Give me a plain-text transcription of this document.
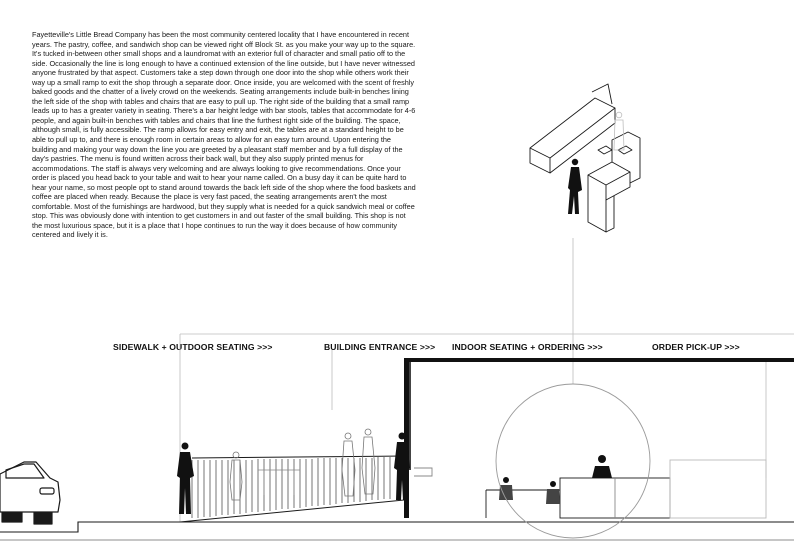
Fayetteville's Little Bread Company has been the most community centered locality that I have encountered in recent years. The pastry, coffee, and sandwich shop can be viewed right off Block St. as you make your way up to the square. It's tucked in-between other small shops and a laundromat with an exterior full of character and small patio off to the side. Occasionally the line is long enough to have a continued extension of the line outside, but I have never witnessed anyone frustrated by that aspect. Customers take a step down through one door into the shop while others work their way up a small ramp to exit the shop through a separate door. Once inside, you are welcomed with the scent of freshly baked goods and the chatter of a lively crowd on the weekends. Seating arrangements include built-in benches lining the left side of the shop with tables and chairs that are easy to pull up. The right side of the building that a small ramp leads up to has a greater variety in seating. There's a bar height ledge with bar stools, tables that accommodate for 4-6 people, and again built-in benches with tables and chairs that line the furthest right side of the building. The space, although small, is fully accessible. The ramp allows for easy entry and exit, the tables are at a standard height to be able to pull up to, and there is enough room in certain areas to allow for an easy turn around. Upon entering the building and making your way down the line you are greeted by a pleasant staff member and by a full display of the day's pastries. The menu is found written across their back wall, but they also supply printed menus for accommodations. The staff is always very welcoming and are always looking to give recommendations. Once your order is placed you head back to your table and wait to hear your name called. On a busy day it can be quite hard to hear your name, so most people opt to stand around towards the back left side of the shop where the food baskets and coffee are placed when ready. Because the place is very fast paced, the seating arrangements aren't the most comfortable. Most of the furnishings are hardwood, but they supply what is needed for a quick sandwich meal or coffee stop. This was obviously done with intention to get customers in and out faster of the small building. This shop is not the most luxurious space, but it is a place that I hope continues to run the way it does because of how community centered and lively it is.

SIDEWALK + OUTDOOR SEATING >>>	BUILDING ENTRANCE >>> INDOOR SEATING + ORDERING >>>	ORDER PICK-UP >>>
